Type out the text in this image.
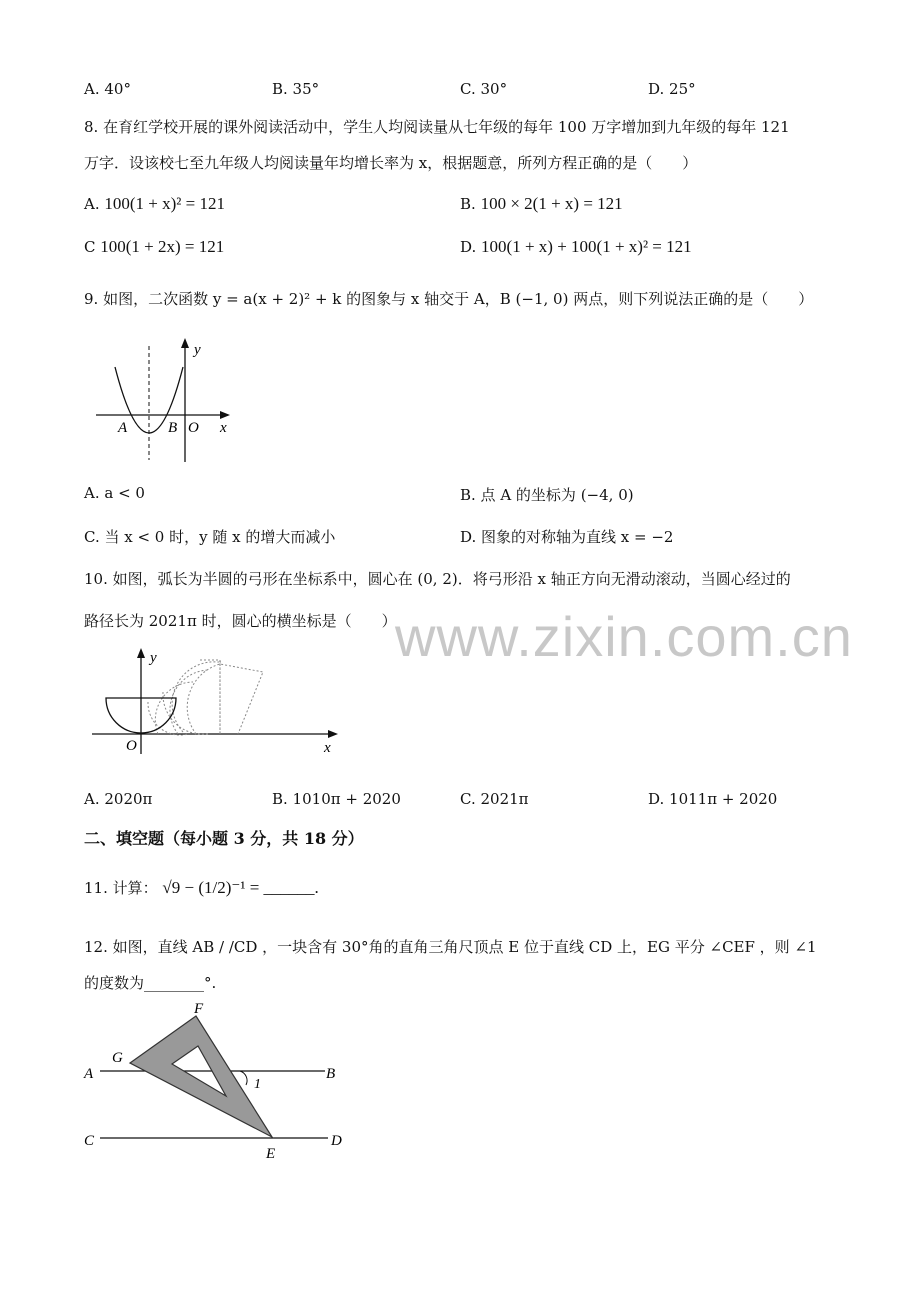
A. 40°	B. 35°	C. 30°	D. 25°
8. 在育红学校开展的课外阅读活动中，学生人均阅读量从七年级的每年 100 万字增加到九年级的每年 121
万字．设该校七至九年级人均阅读量年均增长率为 x，根据题意，所列方程正确的是（　　）
A. 100(1 + x)² = 121	B. 100 × 2(1 + x) = 121
C 100(1 + 2x) = 121	D. 100(1 + x) + 100(1 + x)² = 121
9. 如图，二次函数 y = a(x + 2)² + k 的图象与 x 轴交于 A，B (−1, 0) 两点，则下列说法正确的是（　　）
y
x
A	B O
A. a < 0	B. 点 A 的坐标为 (−4, 0)
C. 当 x < 0 时，y 随 x 的增大而减小	D. 图象的对称轴为直线 x = −2
10. 如图，弧长为半圆的弓形在坐标系中，圆心在 (0, 2)．将弓形沿 x 轴正方向无滑动滚动，当圆心经过的
路径长为 2021π 时，圆心的横坐标是（　　）
www.zixin.com.cn
y
x
O
A. 2020π	B. 1010π + 2020	C. 2021π	D. 1011π + 2020
二、填空题（每小题 3 分，共 18 分）
11. 计算： √9 − (1/2)⁻¹ = ______.
12. 如图，直线 AB / /CD ，一块含有 30°角的直角三角尺顶点 E 位于直线 CD 上，EG 平分 ∠CEF ，则 ∠1
的度数为________°.
A	B
C	D
E
F
G
1
